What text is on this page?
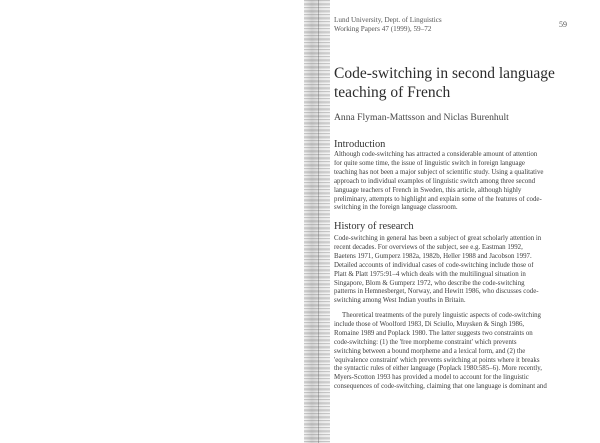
Lund University, Dept. of Linguistics
Working Papers 47 (1999), 59–72	59
Code-switching in second language
teaching of French
Anna Flyman-Mattsson and Niclas Burenhult
Introduction
Although code-switching has attracted a considerable amount of attention
for quite some time, the issue of linguistic switch in foreign language
teaching has not been a major subject of scientific study. Using a qualitative
approach to individual examples of linguistic switch among three second
language teachers of French in Sweden, this article, although highly
preliminary, attempts to highlight and explain some of the features of code-
switching in the foreign language classroom.
History of research
Code-switching in general has been a subject of great scholarly attention in
recent decades. For overviews of the subject, see e.g. Eastman 1992,
Baetens 1971, Gumperz 1982a, 1982b, Heller 1988 and Jacobson 1997.
Detailed accounts of individual cases of code-switching include those of
Platt & Platt 1975:91–4 which deals with the multilingual situation in
Singapore, Blom & Gumperz 1972, who describe the code-switching
patterns in Hemnesberget, Norway, and Hewitt 1986, who discusses code-
switching among West Indian youths in Britain.
Theoretical treatments of the purely linguistic aspects of code-switching
include those of Woolford 1983, Di Sciullo, Muysken & Singh 1986,
Romaine 1989 and Poplack 1980. The latter suggests two constraints on
code-switching: (1) the 'free morpheme constraint' which prevents
switching between a bound morpheme and a lexical form, and (2) the
'equivalence constraint' which prevents switching at points where it breaks
the syntactic rules of either language (Poplack 1980:585–6). More recently,
Myers-Scotton 1993 has provided a model to account for the linguistic
consequences of code-switching, claiming that one language is dominant and
